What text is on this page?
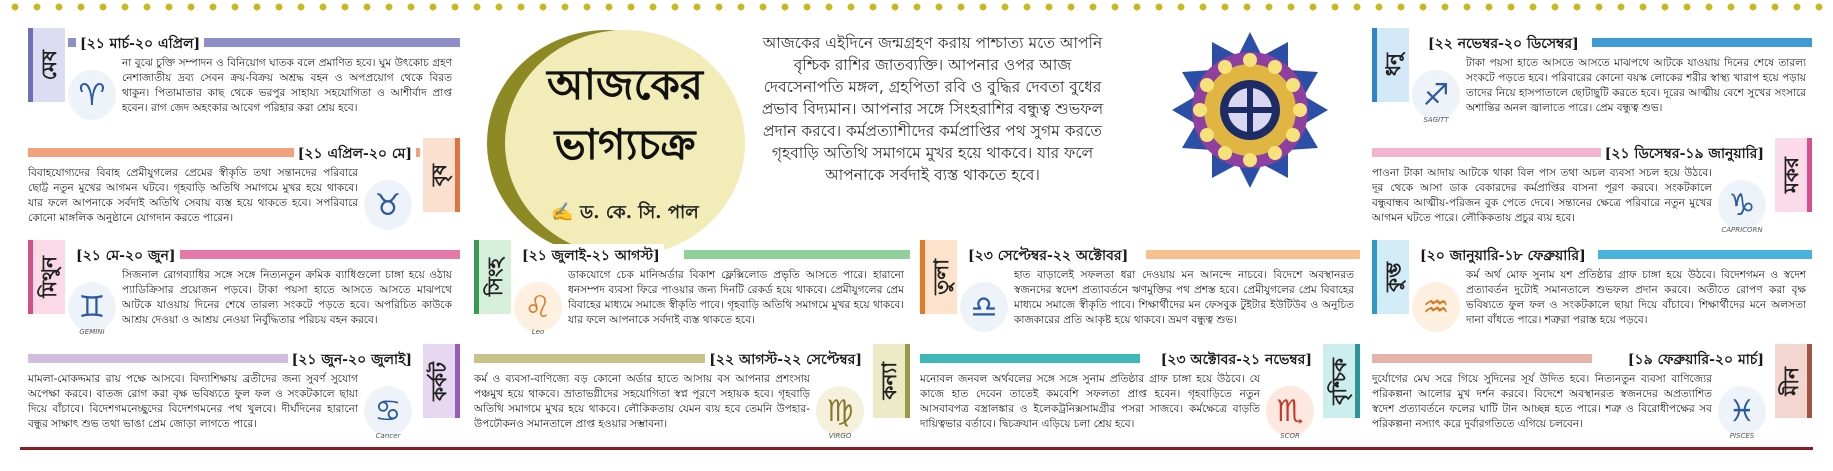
আজকের
ভাগ্যচক্র
✍ ড. কে. সি. পাল
আজকের এইদিনে জন্মগ্রহণ করায় পাশ্চাত্য মতে আপনি বৃশ্চিক রাশির জাতব্যক্তি। আপনার ওপর আজ দেবসেনাপতি মঙ্গল, গ্রহপিতা রবি ও বুদ্ধির দেবতা বুধের প্রভাব বিদ্যমান। আপনার সঙ্গে সিংহরাশির বন্ধুত্ব শুভফল প্রদান করবে। কর্মপ্রত্যাশীদের কর্মপ্রাপ্তির পথ সুগম করতে গৃহবাড়ি অতিথি সমাগমে মুখর হয়ে থাকবে। যার ফলে আপনাকে সর্বদাই ব্যস্ত থাকতে হবে।
মেষ
[২১ মার্চ-২০ এপ্রিল]
♈
না বুঝে চুক্তি সম্পাদন ও বিনিয়োগ ঘাতক বলে প্রমাণিত হবে। ঘুম উৎকোচ গ্রহণ নেশাজাতীয় দ্রব্য সেবন ক্রয়-বিক্রয় অশ্রদ্ধ বহন ও অপপ্রয়োগ থেকে বিরত থাকুন। পিতামাতার কাছ থেকে ভরপুর সাহায্য সহযোগিতা ও আশীর্বাদ প্রাপ্ত হবেন। রাগ জেদ অহংকার আবেগ পরিহার করা শ্রেয় হবে।
[২১ এপ্রিল-২০ মে]
বৃষ
বিবাহযোগ্যদের বিবাহ প্রেমীযুগলের প্রেমের স্বীকৃতি তথা সন্তানদের পরিবারে ছোট্ট নতুন মুখের আগমন ঘটবে। গৃহবাড়ি অতিথি সমাগমে মুখর হয়ে থাকবে। যার ফলে আপনাকে সর্বদাই অতিথি সেবায় ব্যস্ত হয়ে থাকতে হবে। সপরিবারে কোনো মাঙ্গলিক অনুষ্ঠানে যোগদান করতে পারেন।	♉
মিথুন
[২১ মে-২০ জুন]
♊
GEMINI
সিজনাল রোগব্যাধির সঙ্গে সঙ্গে নিত্যনতুন ক্রমিক ব্যাধিগুলো চাঙ্গা হয়ে ওঠায় প্যাডিক্রিসার প্রয়োজন পড়বে। টাকা পয়সা হাতে আসতে আসতে মাঝপথে আটকে যাওয়ায় দিনের শেষে তারল্য সংকটে পড়তে হবে। অপরিচিত কাউকে আশ্রয় দেওয়া ও আশ্রয় নেওয়া নির্বুদ্ধিতার পরিচয় বহন করবে।
[২১ জুন-২০ জুলাই]
কর্কট
মামলা-মোকদ্দমার রায় পক্ষে আসবে। বিদ্যাশিক্ষায় ব্রতীদের জন্য সুবর্ণ সুযোগ অপেক্ষা করবে। বাতজ রোগ করা বৃক্ষ ভবিষ্যতে ফুল ফল ও সংকটকালে ছায়া দিয়ে বাঁচাবে। বিদেশগমনেচ্ছুদের বিদেশগমনের পথ খুলবে। দীর্ঘদিনের হারানো বন্ধুর সাক্ষাৎ শুভ তথা ভাঙা প্রেম জোড়া লাগতে পারে।	♋
Cancer
সিংহ
[২১ জুলাই-২১ আগস্ট]
♌
Leo
ডাকযোগে চেক মানিঅর্ডার বিকাশ ফ্লেক্সিলোড প্রভৃতি আসতে পারে। হারানো ধনসম্পদ ব্যবসা ফিরে পাওয়ার জন্য দিনটি রেকর্ড হয়ে থাকবে। প্রেমীযুগলের প্রেম বিবাহের মাধ্যমে সমাজে স্বীকৃতি পাবে। গৃহবাড়ি অতিথি সমাগমে মুখর হয়ে থাকবে। যার ফলে আপনাকে সর্বদাই ব্যস্ত থাকতে হবে।
[২২ আগস্ট-২২ সেপ্টেম্বর]
কন্যা
কর্ম ও ব্যবসা-বাণিজ্যে বড় কোনো অর্ডার হাতে আসায় বস আপনার প্রশংসায় পঞ্চমুখ হয়ে থাকবে। ভ্রাতাভগ্নীদের সহযোগিতা স্বপ্ন পূরণে সহায়ক হবে। গৃহবাড়ি অতিথি সমাগমে মুখর হয়ে থাকবে। লৌকিকতায় যেমন ব্যয় হবে তেমনি উপহার-উপঢৌকনও সমানতালে প্রাপ্ত হওয়ার সম্ভাবনা।	♍
VIRGO
তুলা
[২৩ সেপ্টেম্বর-২২ অক্টোবর]
♎
হাত বাড়ালেই সফলতা ধরা দেওয়ায় মন আনন্দে নাচবে। বিদেশে অবস্থানরত স্বজনদের স্বদেশ প্রত্যাবর্তনে ঋণমুক্তির পথ প্রশস্ত হবে। প্রেমীযুগলের প্রেম বিবাহের মাধ্যমে সমাজে স্বীকৃতি পাবে। শিক্ষার্থীদের মন ফেসবুক টুইটার ইউটিউব ও অনুচিত কাজকারের প্রতি আকৃষ্ট হয়ে থাকবে। ভ্রমণ বন্ধুত্ব শুভ।
[২৩ অক্টোবর-২১ নভেম্বর] বৃশ্চিক
মনোবল জনবল অর্থবলের সঙ্গে সঙ্গে সুনাম প্রতিষ্ঠার গ্রাফ চাঙ্গা হয়ে উঠবে। যে কাজে হাত দেবেন তাতেই কমবেশি সফলতা প্রাপ্ত হবেন। গৃহবাড়িতে নতুন আসবাবপত্র বস্ত্রালঙ্কার ও ইলেকট্রনিক্সসামগ্রীর পসরা সাজবে। কর্মক্ষেত্রে বাড়তি দায়িত্বভার বর্তাবে। দ্বিচক্রযান এড়িয়ে চলা শ্রেয় হবে।	♏
SCOR
ধনু
[২২ নভেম্বর-২০ ডিসেম্বর]
♐
SAGITT
টাকা পয়সা হাতে আসতে আসতে মাঝপথে আটকে যাওয়ায় দিনের শেষে তারল্য সংকটে পড়তে হবে। পরিবারের কোনো বয়স্ক লোকের শরীর স্বাস্থ্য খারাপ হয়ে পড়ায় তাদের নিয়ে হাসপাতালে ছোটাছুটি করতে হবে। দূরের আত্মীয় বেশে সুখের সংসারে অশান্তির অনল জ্বালাতে পারে। প্রেম বন্ধুত্ব শুভ।
[২১ ডিসেম্বর-১৯ জানুয়ারি]
মকর
পাওনা টাকা আদায় আটকে থাকা বিল পাস তথা অচল ব্যবসা সচল হয়ে উঠবে। দূর থেকে আসা ডাক বেকারদের কর্মপ্রাপ্তির বাসনা পূরণ করবে। সংকটকালে বন্ধুবান্ধব আত্মীয়-পরিজন বুক পেতে দেবে। সন্তানের ক্ষেত্রে পরিবারে নতুন মুখের আগমন ঘটতে পারে। লৌকিকতায় প্রচুর ব্যয় হবে।	♑
CAPRICORN
কুম্ভ
[২০ জানুয়ারি-১৮ ফেব্রুয়ারি]
♒
কর্ম অর্থ মোফ সুনাম যশ প্রতিষ্ঠার গ্রাফ চাঙ্গা হয়ে উঠবে। বিদেশগমন ও স্বদেশ প্রত্যাবর্তন দুটোই সমানতালে শুভফল প্রদান করবে। অতীতে রোপণ করা বৃক্ষ ভবিষ্যতে ফুল ফল ও সংকটকালে ছায়া দিয়ে বাঁচাবে। শিক্ষার্থীদের মনে অলসতা দানা বাঁধতে পারে। শত্রুরা পরাস্ত হয়ে পড়বে।
[১৯ ফেব্রুয়ারি-২০ মার্চ]
মীন
দুর্যোগের মেঘ সরে গিয়ে সুদিনের সূর্য উদিত হবে। নিত্যনতুন ব্যবসা বাণিজ্যের পরিকল্পনা আলোর মুখ দর্শন করবে। বিদেশে অবস্থানরত স্বজনদের অপ্রত্যাশিত স্বদেশ প্রত্যাবর্তনে ফলের ঘাটি টান আচ্ছন্ন হতে পারে। শত্রু ও বিরোধীপক্ষের সব পরিকল্পনা নস্যাৎ করে দুর্বারগতিতে এগিয়ে চলবেন।	♓
PISCES
